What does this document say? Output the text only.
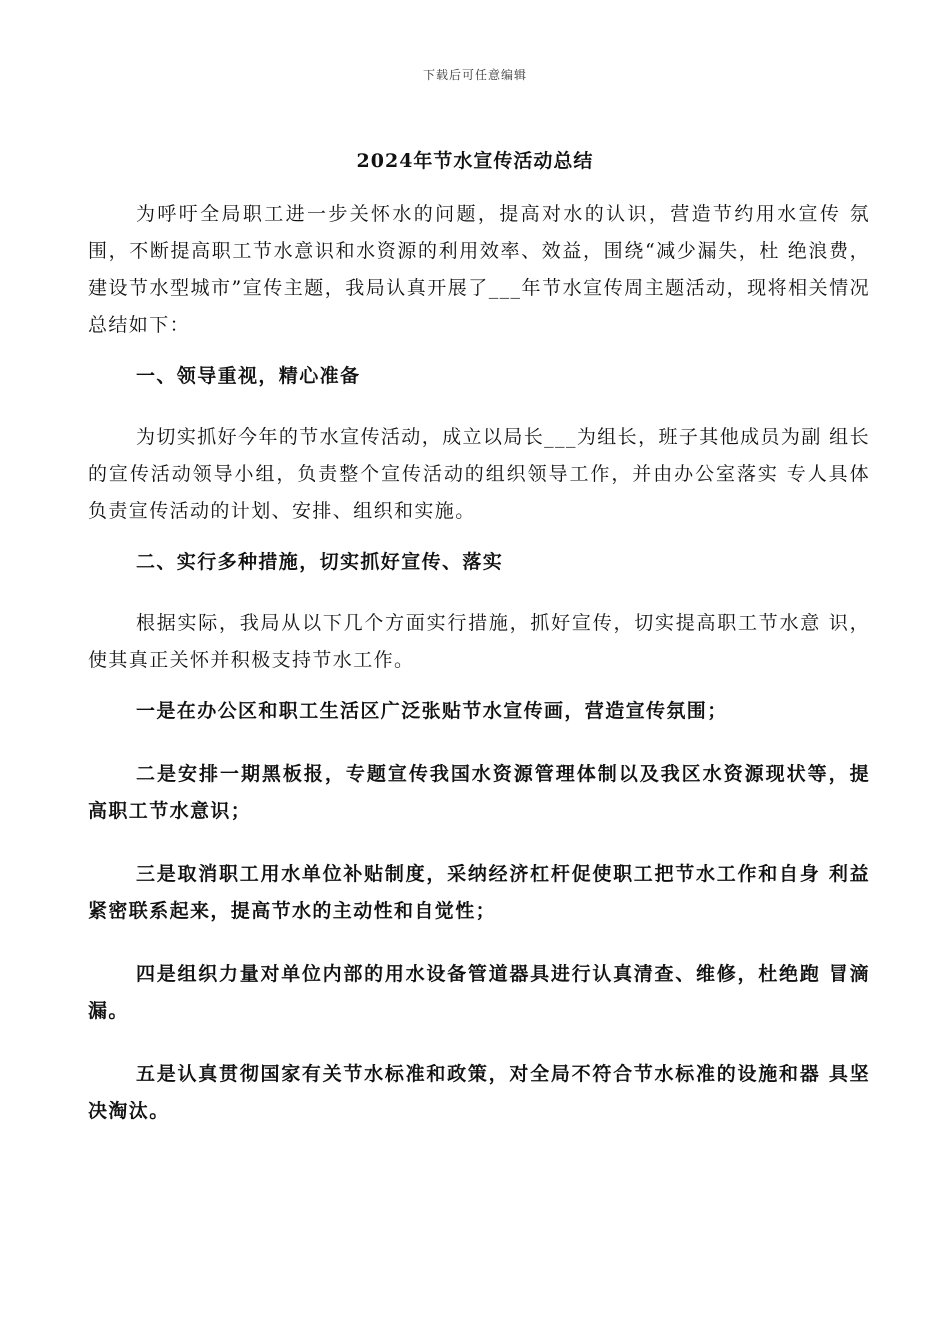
下载后可任意编辑
2024年节水宣传活动总结

为呼吁全局职工进一步关怀水的问题，提高对水的认识，营造节约用水宣传 氛围，不断提高职工节水意识和水资源的利用效率、效益，围绕“减少漏失，杜 绝浪费，建设节水型城市”宣传主题，我局认真开展了___年节水宣传周主题活动，现将相关情况总结如下：

一、领导重视，精心准备

为切实抓好今年的节水宣传活动，成立以局长___为组长，班子其他成员为副 组长的宣传活动领导小组，负责整个宣传活动的组织领导工作，并由办公室落实 专人具体负责宣传活动的计划、安排、组织和实施。

二、实行多种措施，切实抓好宣传、落实

根据实际，我局从以下几个方面实行措施，抓好宣传，切实提高职工节水意 识，使其真正关怀并积极支持节水工作。

一是在办公区和职工生活区广泛张贴节水宣传画，营造宣传氛围；

二是安排一期黑板报，专题宣传我国水资源管理体制以及我区水资源现状等，提高职工节水意识；

三是取消职工用水单位补贴制度，采纳经济杠杆促使职工把节水工作和自身 利益紧密联系起来，提高节水的主动性和自觉性；

四是组织力量对单位内部的用水设备管道器具进行认真清查、维修，杜绝跑 冒滴漏。

五是认真贯彻国家有关节水标准和政策，对全局不符合节水标准的设施和器 具坚决淘汰。
